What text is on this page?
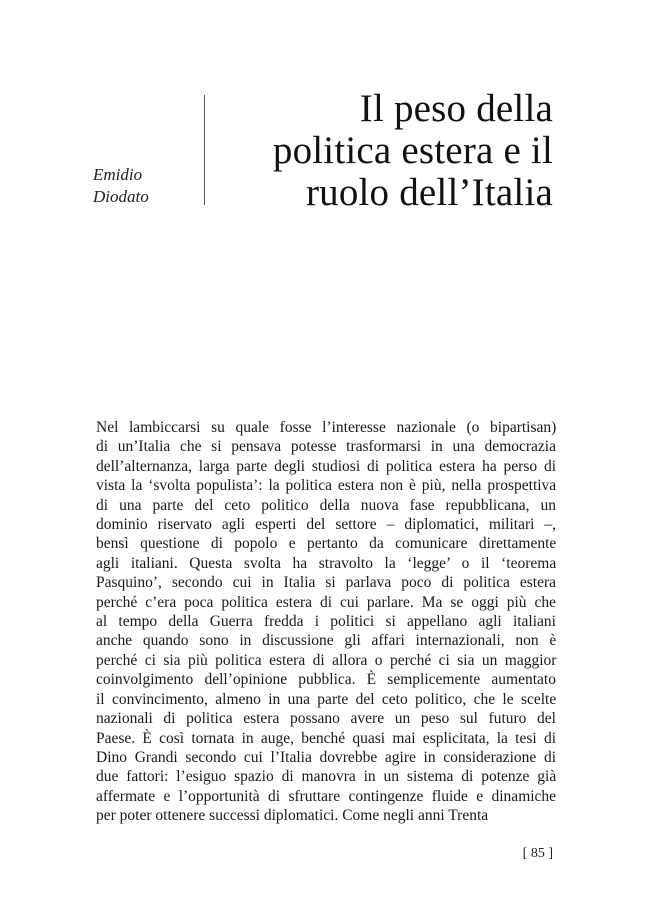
Emidio
Diodato
Il peso della
politica estera e il
ruolo dell’Italia
Nel lambiccarsi su quale fosse l’interesse nazionale (o bipartisan)
di un’Italia che si pensava potesse trasformarsi in una democrazia
dell’alternanza, larga parte degli studiosi di politica estera ha perso di
vista la ‘svolta populista’: la politica estera non è più, nella prospettiva
di una parte del ceto politico della nuova fase repubblicana, un
dominio riservato agli esperti del settore – diplomatici, militari –,
bensì questione di popolo e pertanto da comunicare direttamente
agli italiani. Questa svolta ha stravolto la ‘legge’ o il ‘teorema
Pasquino’, secondo cui in Italia si parlava poco di politica estera
perché c’era poca politica estera di cui parlare. Ma se oggi più che
al tempo della Guerra fredda i politici si appellano agli italiani
anche quando sono in discussione gli affari internazionali, non è
perché ci sia più politica estera di allora o perché ci sia un maggior
coinvolgimento dell’opinione pubblica. È semplicemente aumentato
il convincimento, almeno in una parte del ceto politico, che le scelte
nazionali di politica estera possano avere un peso sul futuro del
Paese. È così tornata in auge, benché quasi mai esplicitata, la tesi di
Dino Grandi secondo cui l’Italia dovrebbe agire in considerazione di
due fattori: l’esiguo spazio di manovra in un sistema di potenze già
affermate e l’opportunità di sfruttare contingenze fluide e dinamiche
per poter ottenere successi diplomatici. Come negli anni Trenta
[ 85 ]
